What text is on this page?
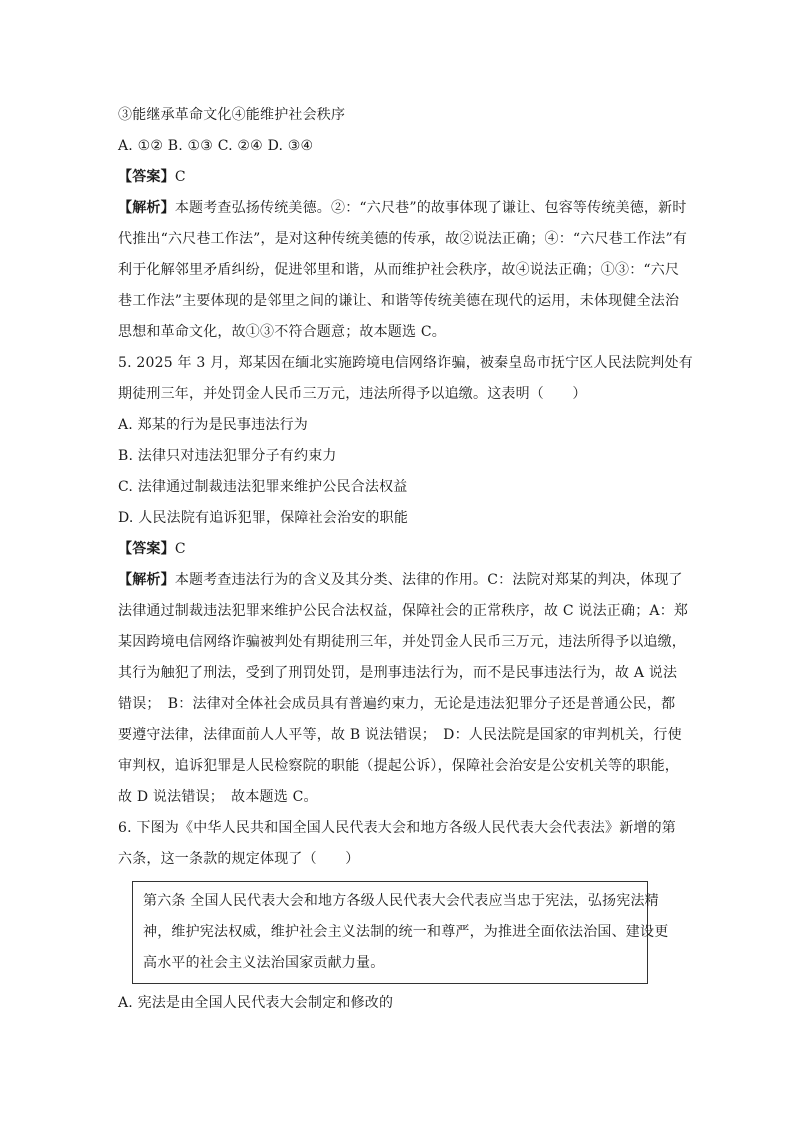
③能继承革命文化④能维护社会秩序
A. ①② B. ①③ C. ②④ D. ③④
【答案】C
【解析】本题考查弘扬传统美德。②：“六尺巷”的故事体现了谦让、包容等传统美德，新时
代推出“六尺巷工作法”，是对这种传统美德的传承，故②说法正确；④：“六尺巷工作法”有
利于化解邻里矛盾纠纷，促进邻里和谐，从而维护社会秩序，故④说法正确；①③：“六尺
巷工作法”主要体现的是邻里之间的谦让、和谐等传统美德在现代的运用，未体现健全法治
思想和革命文化，故①③不符合题意；故本题选 C。
5. 2025 年 3 月，郑某因在缅北实施跨境电信网络诈骗，被秦皇岛市抚宁区人民法院判处有
期徒刑三年，并处罚金人民币三万元，违法所得予以追缴。这表明（　　）
A. 郑某的行为是民事违法行为
B. 法律只对违法犯罪分子有约束力
C. 法律通过制裁违法犯罪来维护公民合法权益
D. 人民法院有追诉犯罪，保障社会治安的职能
【答案】C
【解析】本题考查违法行为的含义及其分类、法律的作用。C：法院对郑某的判决，体现了
法律通过制裁违法犯罪来维护公民合法权益，保障社会的正常秩序，故 C 说法正确；A：郑
某因跨境电信网络诈骗被判处有期徒刑三年，并处罚金人民币三万元，违法所得予以追缴，
其行为触犯了刑法，受到了刑罚处罚，是刑事违法行为，而不是民事违法行为，故 A 说法
错误；　B：法律对全体社会成员具有普遍约束力，无论是违法犯罪分子还是普通公民，都
要遵守法律，法律面前人人平等，故 B 说法错误；　D：人民法院是国家的审判机关，行使
审判权，追诉犯罪是人民检察院的职能（提起公诉），保障社会治安是公安机关等的职能，
故 D 说法错误；　故本题选 C。
6. 下图为《中华人民共和国全国人民代表大会和地方各级人民代表大会代表法》新增的第
六条，这一条款的规定体现了（　　）
第六条 全国人民代表大会和地方各级人民代表大会代表应当忠于宪法，弘扬宪法精
神，维护宪法权威，维护社会主义法制的统一和尊严，为推进全面依法治国、建设更
高水平的社会主义法治国家贡献力量。
A. 宪法是由全国人民代表大会制定和修改的
